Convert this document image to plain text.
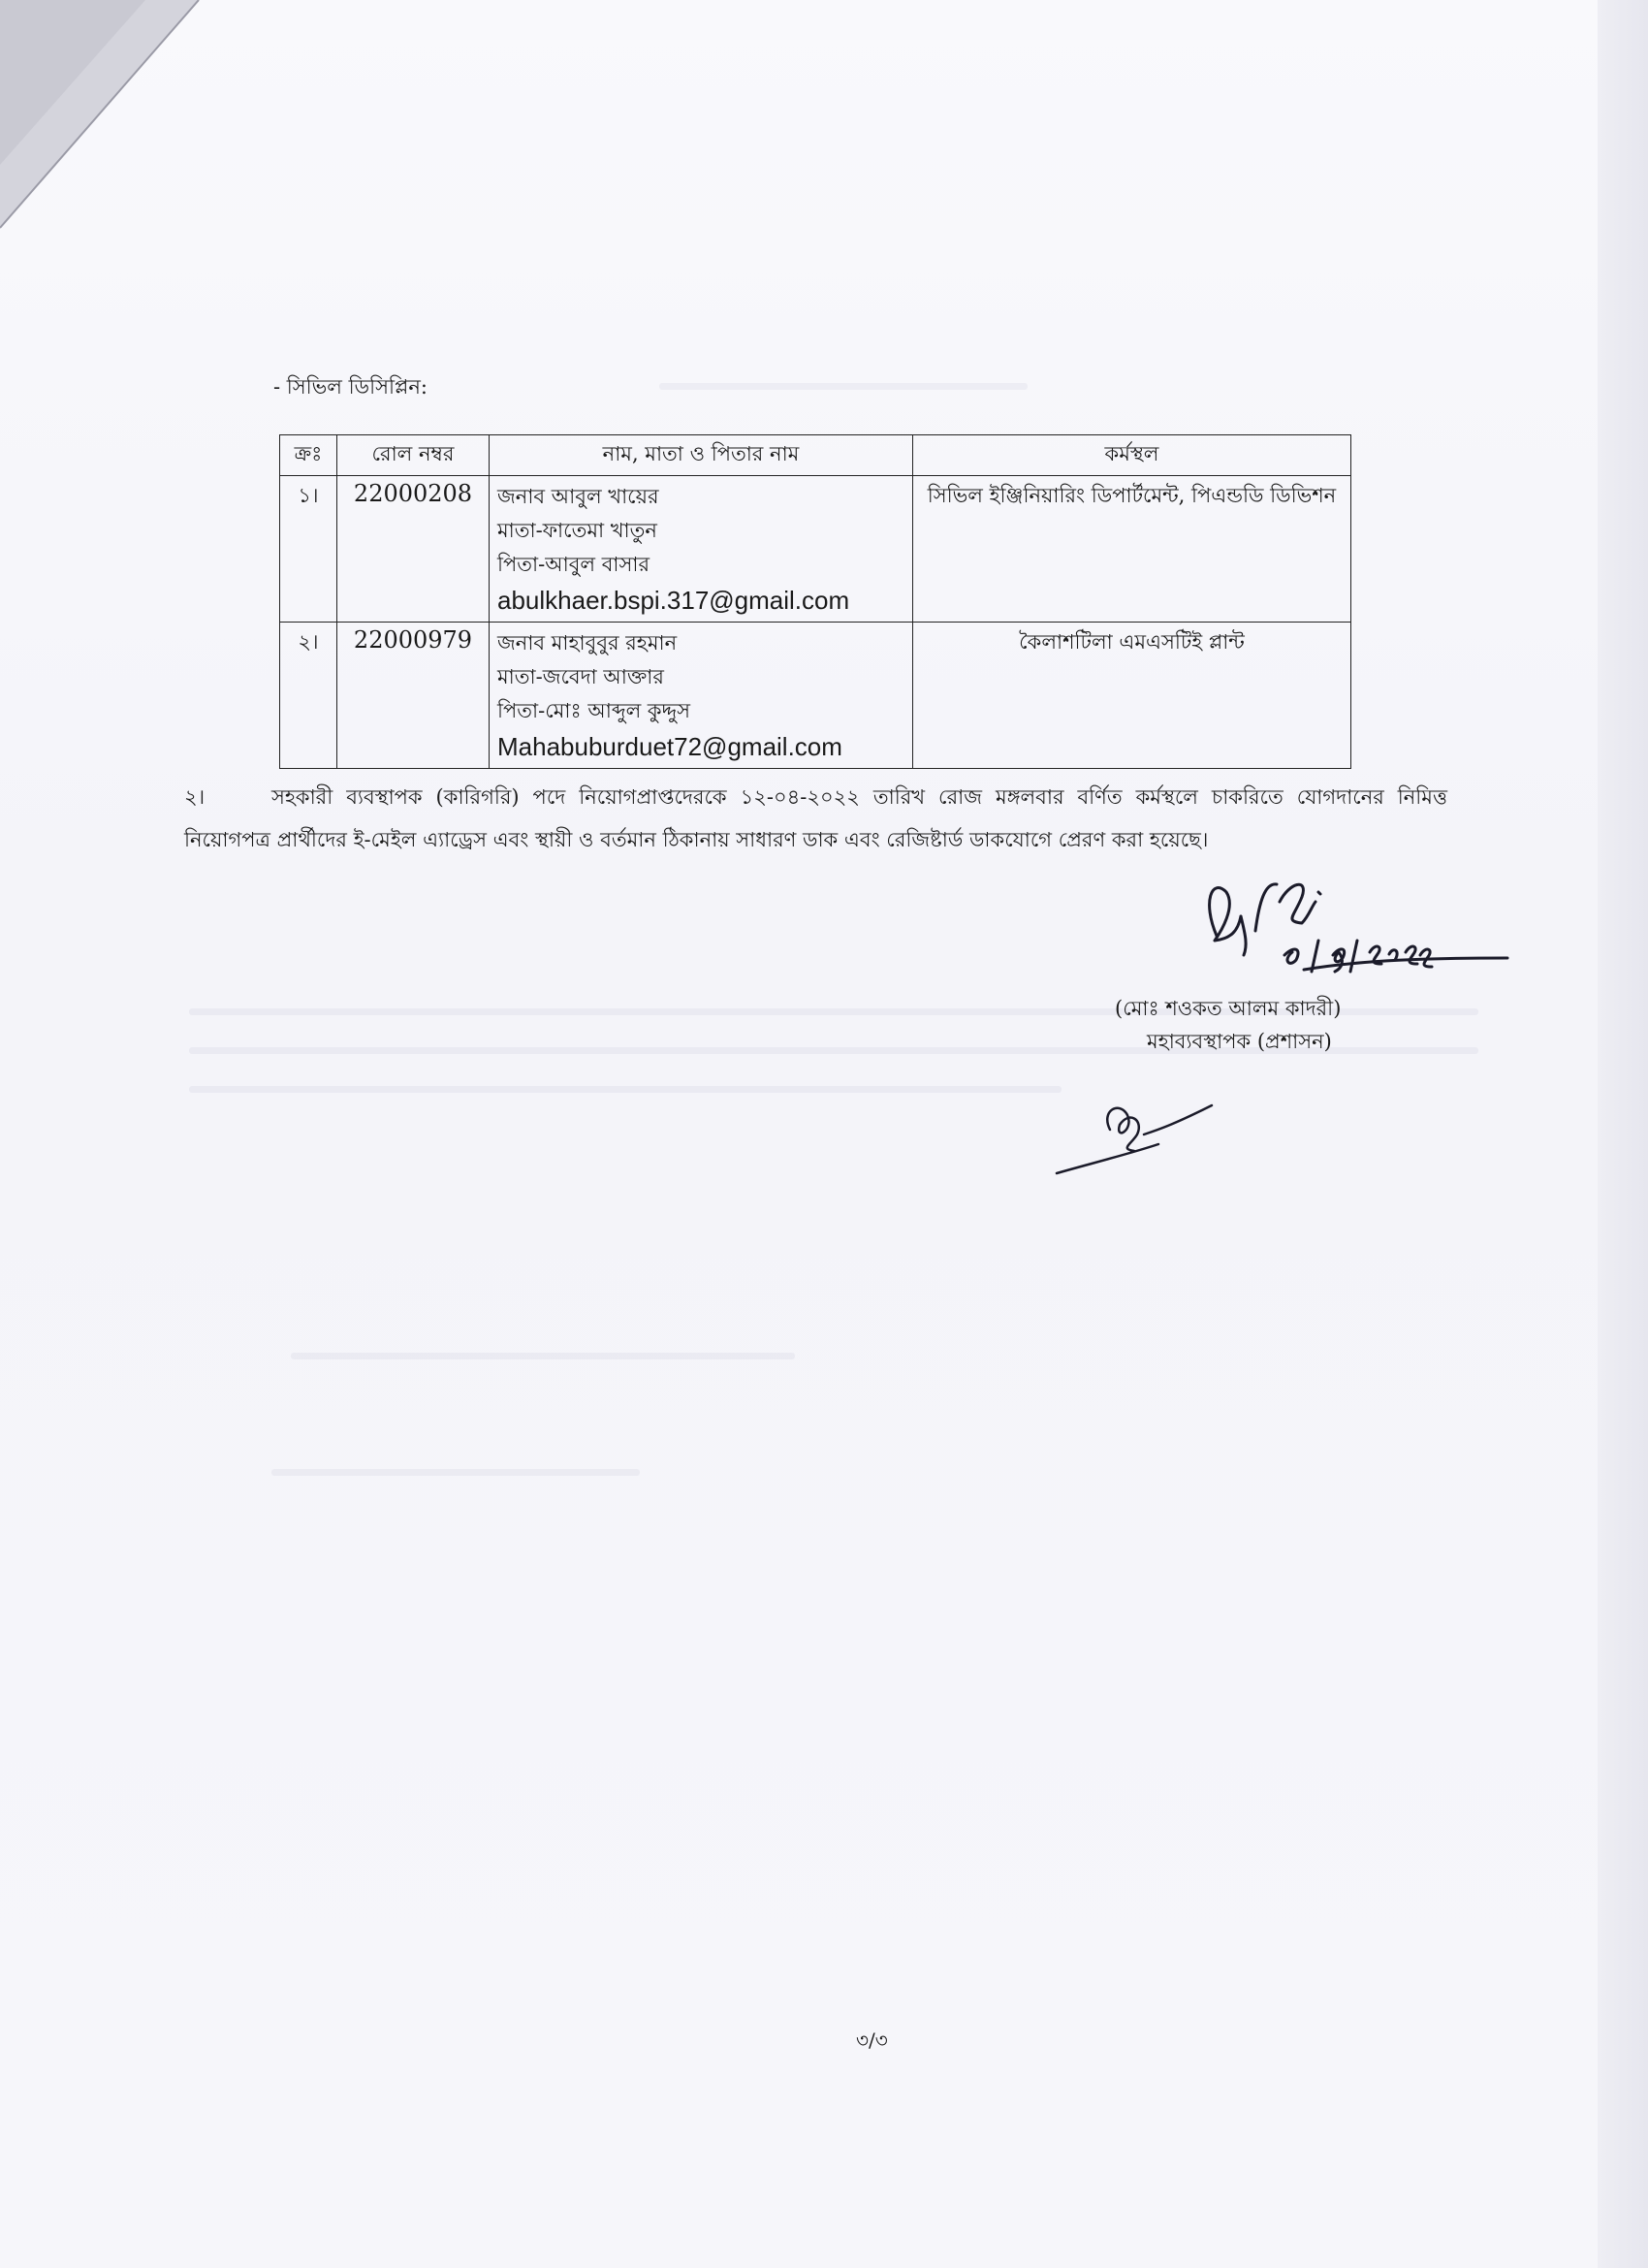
- সিভিল ডিসিপ্লিন:
ক্রঃ	রোল নম্বর	নাম, মাতা ও পিতার নাম	কর্মস্থল
১।	22000208	জনাব আবুল খায়ের
মাতা-ফাতেমা খাতুন
পিতা-আবুল বাসার
abulkhaer.bspi.317@gmail.com	সিভিল ইঞ্জিনিয়ারিং ডিপার্টমেন্ট, পিএন্ডডি ডিভিশন
২।	22000979	জনাব মাহাবুবুর রহমান
মাতা-জবেদা আক্তার
পিতা-মোঃ আব্দুল কুদ্দুস
Mahabuburduet72@gmail.com	কৈলাশটিলা এমএসটিই প্লান্ট
২।	সহকারী ব্যবস্থাপক (কারিগরি) পদে নিয়োগপ্রাপ্তদেরকে ১২-০৪-২০২২ তারিখ রোজ মঙ্গলবার বর্ণিত কর্মস্থলে চাকরিতে যোগদানের নিমিত্ত নিয়োগপত্র প্রার্থীদের ই-মেইল এ্যাড্রেস এবং স্থায়ী ও বর্তমান ঠিকানায় সাধারণ ডাক এবং রেজিষ্টার্ড ডাকযোগে প্রেরণ করা হয়েছে।
(মোঃ শওকত আলম কাদরী)
মহাব্যবস্থাপক (প্রশাসন)
৩/৩
